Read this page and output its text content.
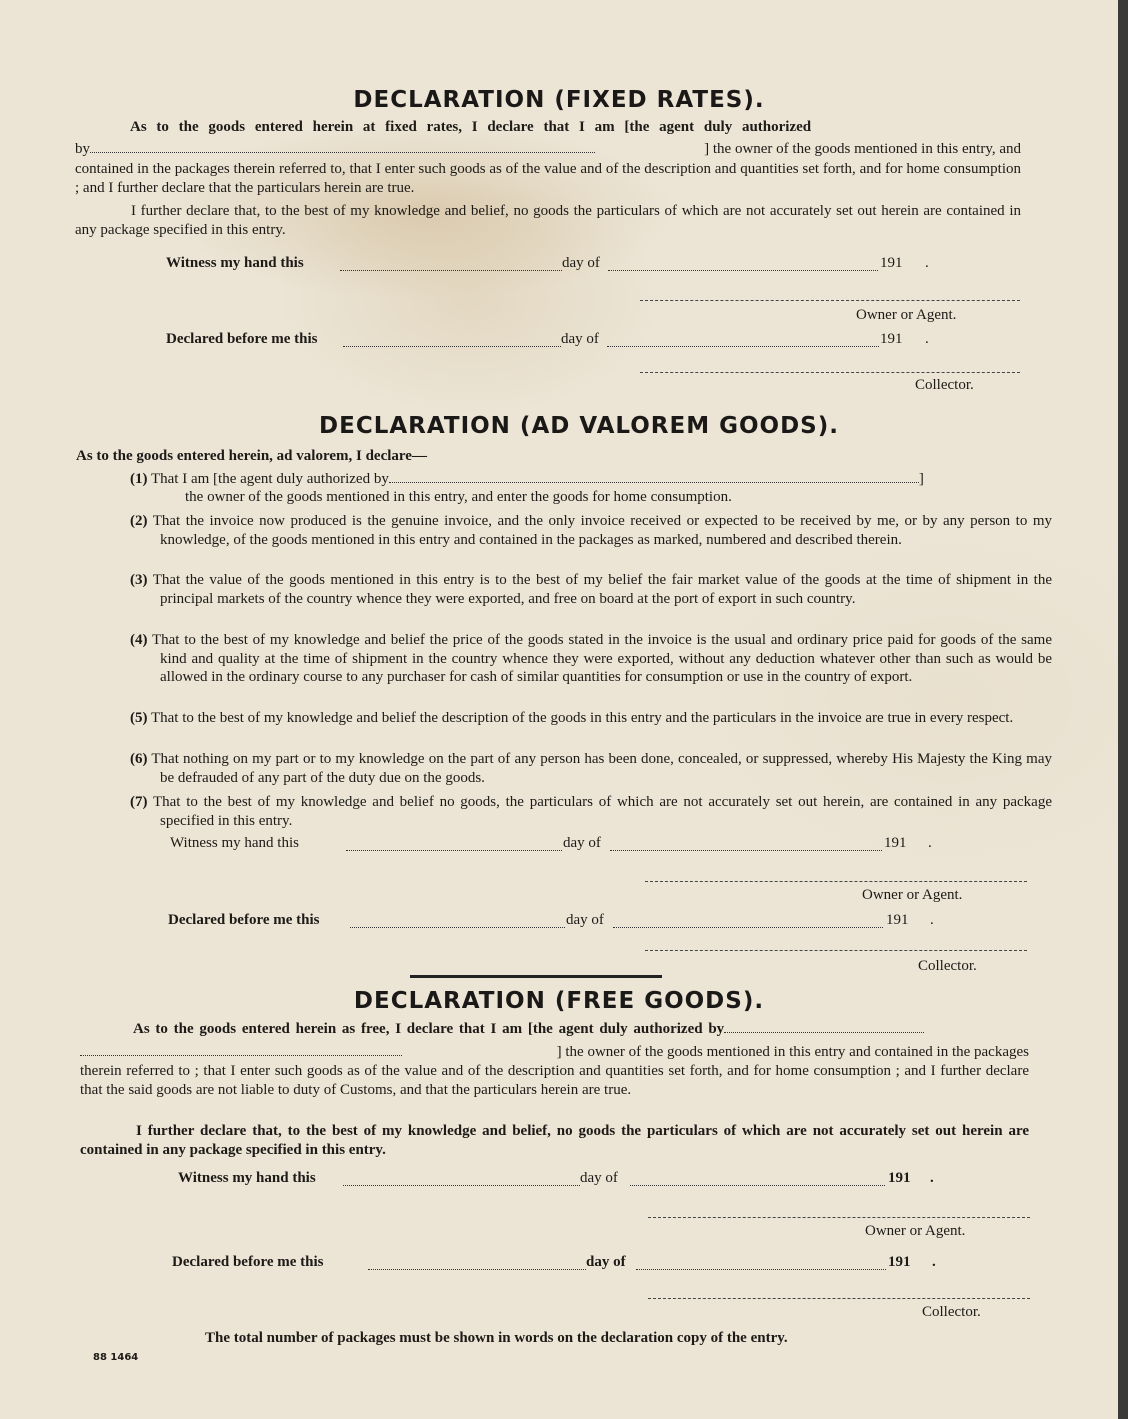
DECLARATION (FIXED RATES).
As to the goods entered herein at fixed rates, I declare that I am [the agent duly authorized
by	] the owner of the goods mentioned in this entry, and
contained in the packages therein referred to, that I enter such goods as of the value and of the description and quantities set forth, and for home consumption ; and I further declare that the particulars herein are true.
I further declare that, to the best of my knowledge and belief, no goods the particulars of which are not accurately set out herein are contained in any package specified in this entry.
Witness my hand this	day of	191 .
Owner or Agent.
Declared before me this	day of	191 .
Collector.
DECLARATION (AD VALOREM GOODS).
As to the goods entered herein, ad valorem, I declare—
(1) That I am [the agent duly authorized by	]
the owner of the goods mentioned in this entry, and enter the goods for home consumption.
(2) That the invoice now produced is the genuine invoice, and the only invoice received or expected to be received by me, or by any person to my knowledge, of the goods mentioned in this entry and contained in the packages as marked, numbered and described therein.
(3) That the value of the goods mentioned in this entry is to the best of my belief the fair market value of the goods at the time of shipment in the principal markets of the country whence they were exported, and free on board at the port of export in such country.
(4) That to the best of my knowledge and belief the price of the goods stated in the invoice is the usual and ordinary price paid for goods of the same kind and quality at the time of shipment in the country whence they were exported, without any deduction whatever other than such as would be allowed in the ordinary course to any purchaser for cash of similar quantities for consumption or use in the country of export.
(5) That to the best of my knowledge and belief the description of the goods in this entry and the particulars in the invoice are true in every respect.
(6) That nothing on my part or to my knowledge on the part of any person has been done, concealed, or suppressed, whereby His Majesty the King may be defrauded of any part of the duty due on the goods.
(7) That to the best of my knowledge and belief no goods, the particulars of which are not accurately set out herein, are contained in any package specified in this entry.
Witness my hand this	day of	191 .
Owner or Agent.
Declared before me this	day of	191 .
Collector.
DECLARATION (FREE GOODS).
As to the goods entered herein as free, I declare that I am [the agent duly authorized by
] the owner of the goods mentioned in this entry and contained in the packages
therein referred to ; that I enter such goods as of the value and of the description and quantities set forth, and for home consumption ; and I further declare that the said goods are not liable to duty of Customs, and that the particulars herein are true.
I further declare that, to the best of my knowledge and belief, no goods the particulars of which are not accurately set out herein are contained in any package specified in this entry.
Witness my hand this	day of	191 .
Owner or Agent.
Declared before me this	day of	191 .
Collector.
The total number of packages must be shown in words on the declaration copy of the entry.
88 1464
